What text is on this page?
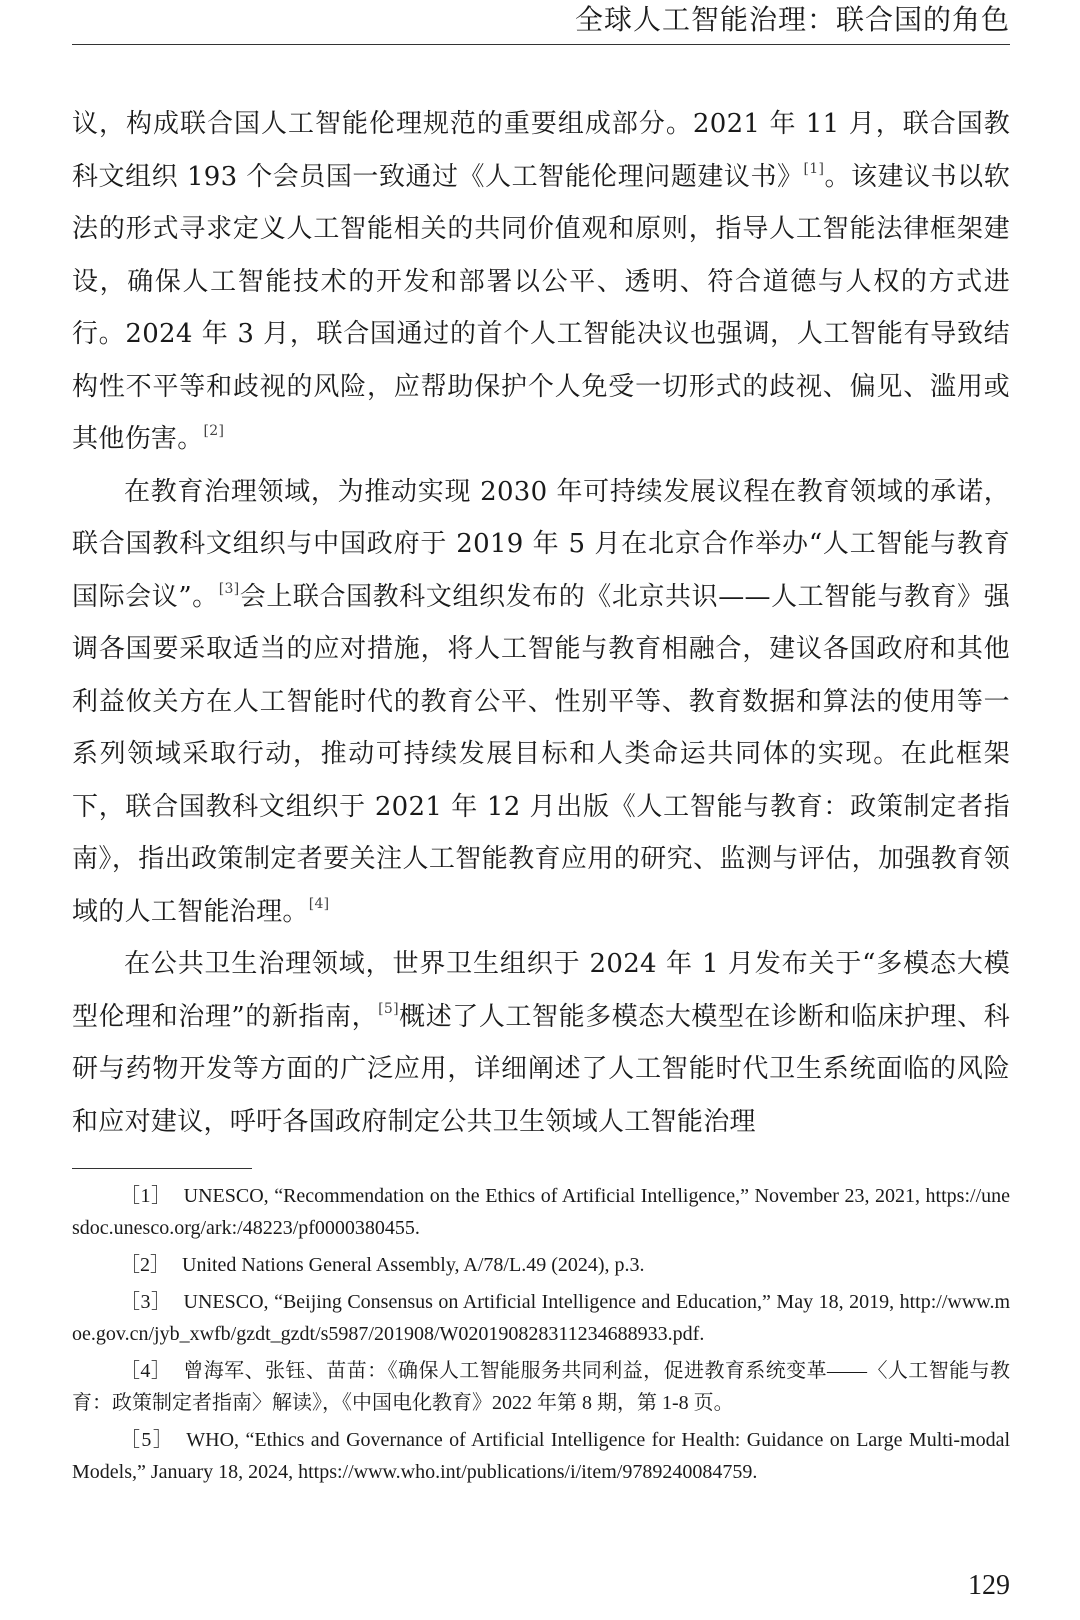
全球人工智能治理：联合国的角色

议，构成联合国人工智能伦理规范的重要组成部分。2021 年 11 月，联合国教科文组织 193 个会员国一致通过《人工智能伦理问题建议书》[1]。该建议书以软法的形式寻求定义人工智能相关的共同价值观和原则，指导人工智能法律框架建设，确保人工智能技术的开发和部署以公平、透明、符合道德与人权的方式进行。2024 年 3 月，联合国通过的首个人工智能决议也强调，人工智能有导致结构性不平等和歧视的风险，应帮助保护个人免受一切形式的歧视、偏见、滥用或其他伤害。[2]

在教育治理领域，为推动实现 2030 年可持续发展议程在教育领域的承诺，联合国教科文组织与中国政府于 2019 年 5 月在北京合作举办“人工智能与教育国际会议”。[3]会上联合国教科文组织发布的《北京共识——人工智能与教育》强调各国要采取适当的应对措施，将人工智能与教育相融合，建议各国政府和其他利益攸关方在人工智能时代的教育公平、性别平等、教育数据和算法的使用等一系列领域采取行动，推动可持续发展目标和人类命运共同体的实现。在此框架下，联合国教科文组织于 2021 年 12 月出版《人工智能与教育：政策制定者指南》，指出政策制定者要关注人工智能教育应用的研究、监测与评估，加强教育领域的人工智能治理。[4]

在公共卫生治理领域，世界卫生组织于 2024 年 1 月发布关于“多模态大模型伦理和治理”的新指南，[5]概述了人工智能多模态大模型在诊断和临床护理、科研与药物开发等方面的广泛应用，详细阐述了人工智能时代卫生系统面临的风险和应对建议，呼吁各国政府制定公共卫生领域人工智能治理

［1］ UNESCO, “Recommendation on the Ethics of Artificial Intelligence,” November 23, 2021, https://unesdoc.unesco.org/ark:/48223/pf0000380455.

［2］ United Nations General Assembly, A/78/L.49 (2024), p.3.

［3］ UNESCO, “Beijing Consensus on Artificial Intelligence and Education,” May 18, 2019, http://www.moe.gov.cn/jyb_xwfb/gzdt_gzdt/s5987/201908/W020190828311234688933.pdf.

［4］ 曾海军、张钰、苗苗：《确保人工智能服务共同利益，促进教育系统变革——〈人工智能与教育：政策制定者指南〉解读》，《中国电化教育》2022 年第 8 期，第 1-8 页。

［5］ WHO, “Ethics and Governance of Artificial Intelligence for Health: Guidance on Large Multi-modal Models,” January 18, 2024, https://www.who.int/publications/i/item/9789240084759.

129
